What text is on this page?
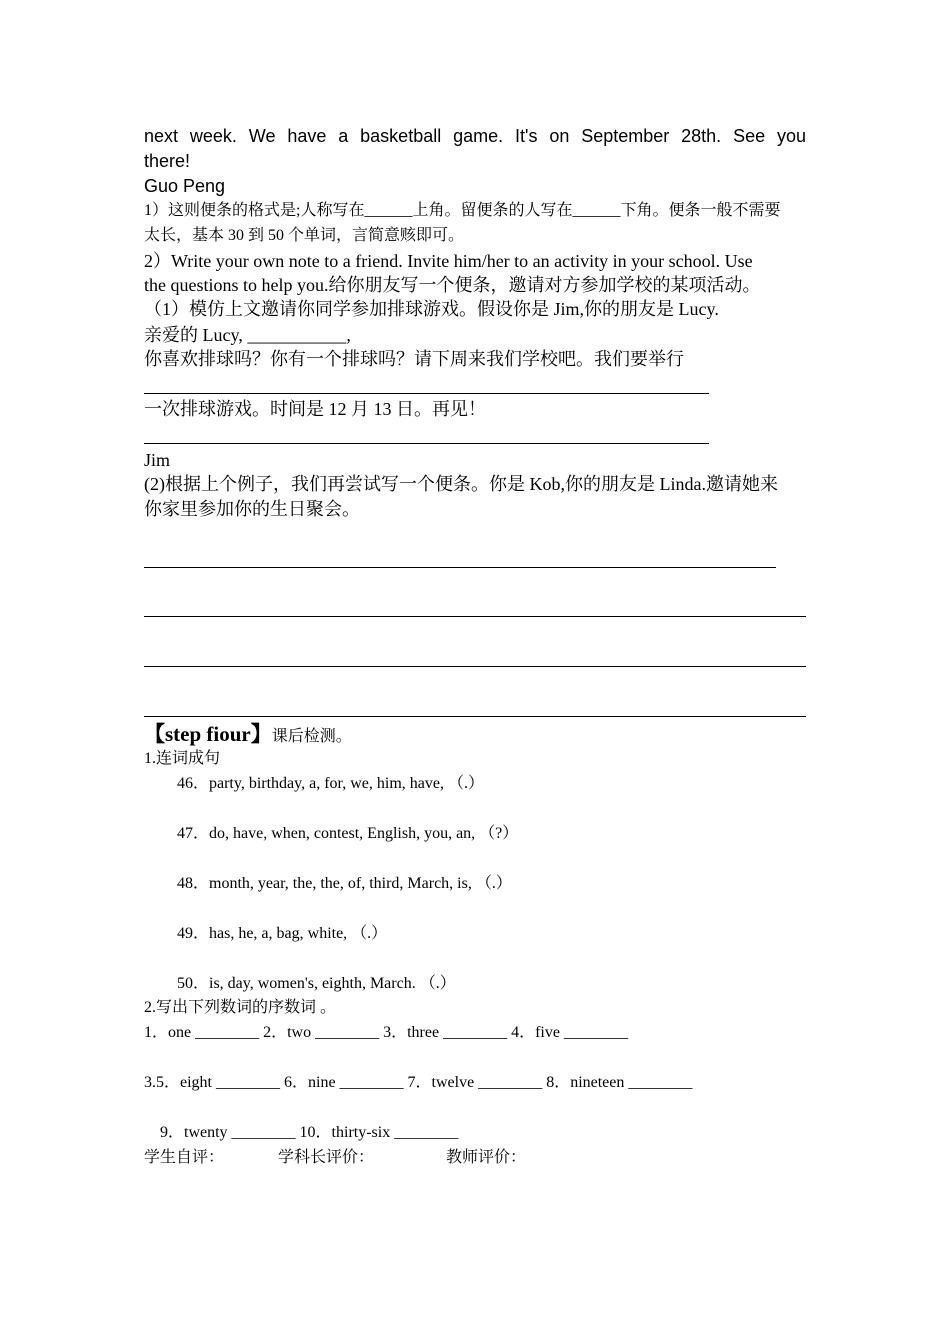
next week. We have a basketball game. It's on September 28th. See you
there!
Guo Peng
1）这则便条的格式是;人称写在______上角。留便条的人写在______下角。便条一般不需要
太长，基本 30 到 50 个单词，言简意赅即可。
2）Write your own note to a friend. Invite him/her to an activity in your school. Use
the questions to help you.给你朋友写一个便条，邀请对方参加学校的某项活动。
（1）模仿上文邀请你同学参加排球游戏。假设你是 Jim,你的朋友是 Lucy.
亲爱的 Lucy, ___________,
你喜欢排球吗？你有一个排球吗？请下周来我们学校吧。我们要举行
一次排球游戏。时间是 12 月 13 日。再见！
Jim
(2)根据上个例子，我们再尝试写一个便条。你是 Kob,你的朋友是 Linda.邀请她来
你家里参加你的生日聚会。
【step fiour】课后检测。
1.连词成句
46．party, birthday, a, for, we, him, have, （.）
47．do, have, when, contest, English, you, an, （?）
48．month, year, the, the, of, third, March, is, （.）
49．has, he, a, bag, white, （.）
50．is, day, women's, eighth, March. （.）
2.写出下列数词的序数词 。
1．one ________ 2．two ________ 3．three ________ 4．five ________
3.5．eight ________ 6．nine ________ 7．twelve ________ 8．nineteen ________
9．twenty ________ 10．thirty-six ________
学生自评：	学科长评价：	教师评价：
